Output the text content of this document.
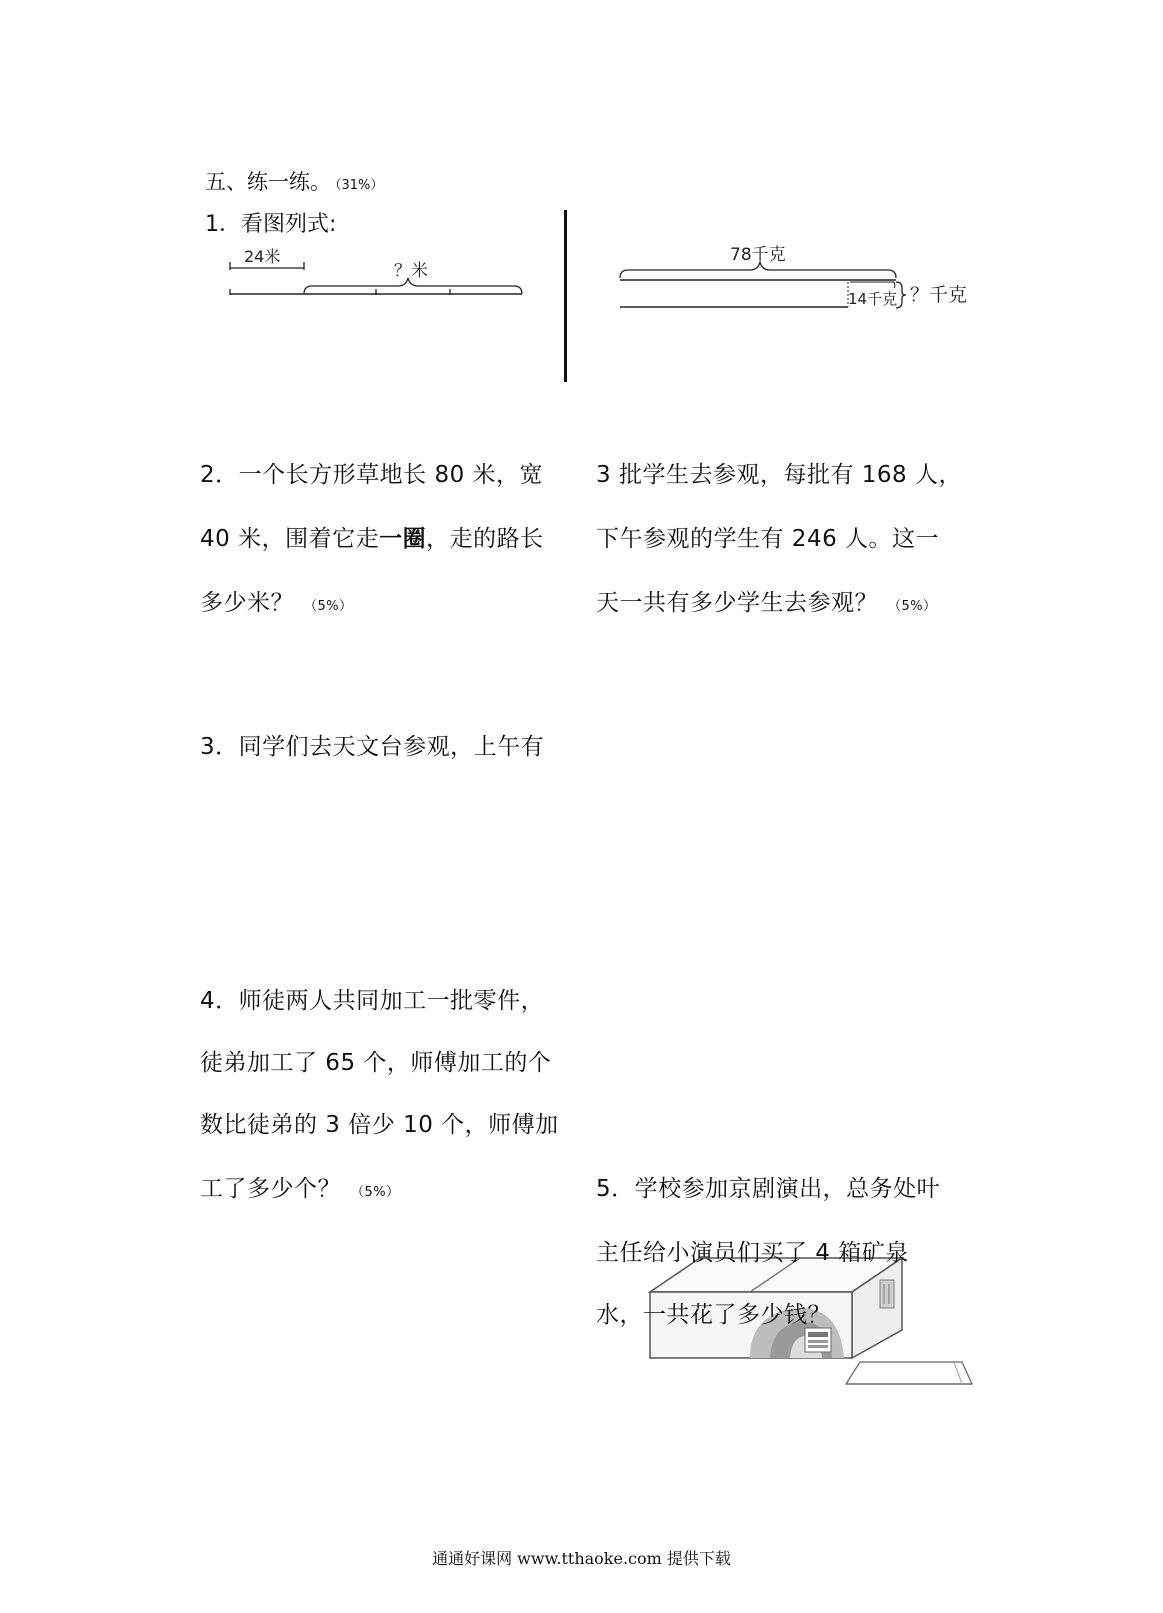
五、练一练。 （31%）
1．看图列式:
24米
？米
78千克
14千克 ？千克
2．一个长方形草地长 80 米，宽
40 米，围着它走一圈，走的路长
多少米？ （5%）
3．同学们去天文台参观，上午有
3 批学生去参观，每批有 168 人，
下午参观的学生有 246 人。这一
天一共有多少学生去参观？ （5%）
4．师徒两人共同加工一批零件，
徒弟加工了 65 个，师傅加工的个
数比徒弟的 3 倍少 10 个，师傅加
工了多少个？ （5%）	5．学校参加京剧演出，总务处叶
主任给小演员们买了 4 箱矿泉
水，一共花了多少钱？
通通好课网 www.tthaoke.com 提供下载
